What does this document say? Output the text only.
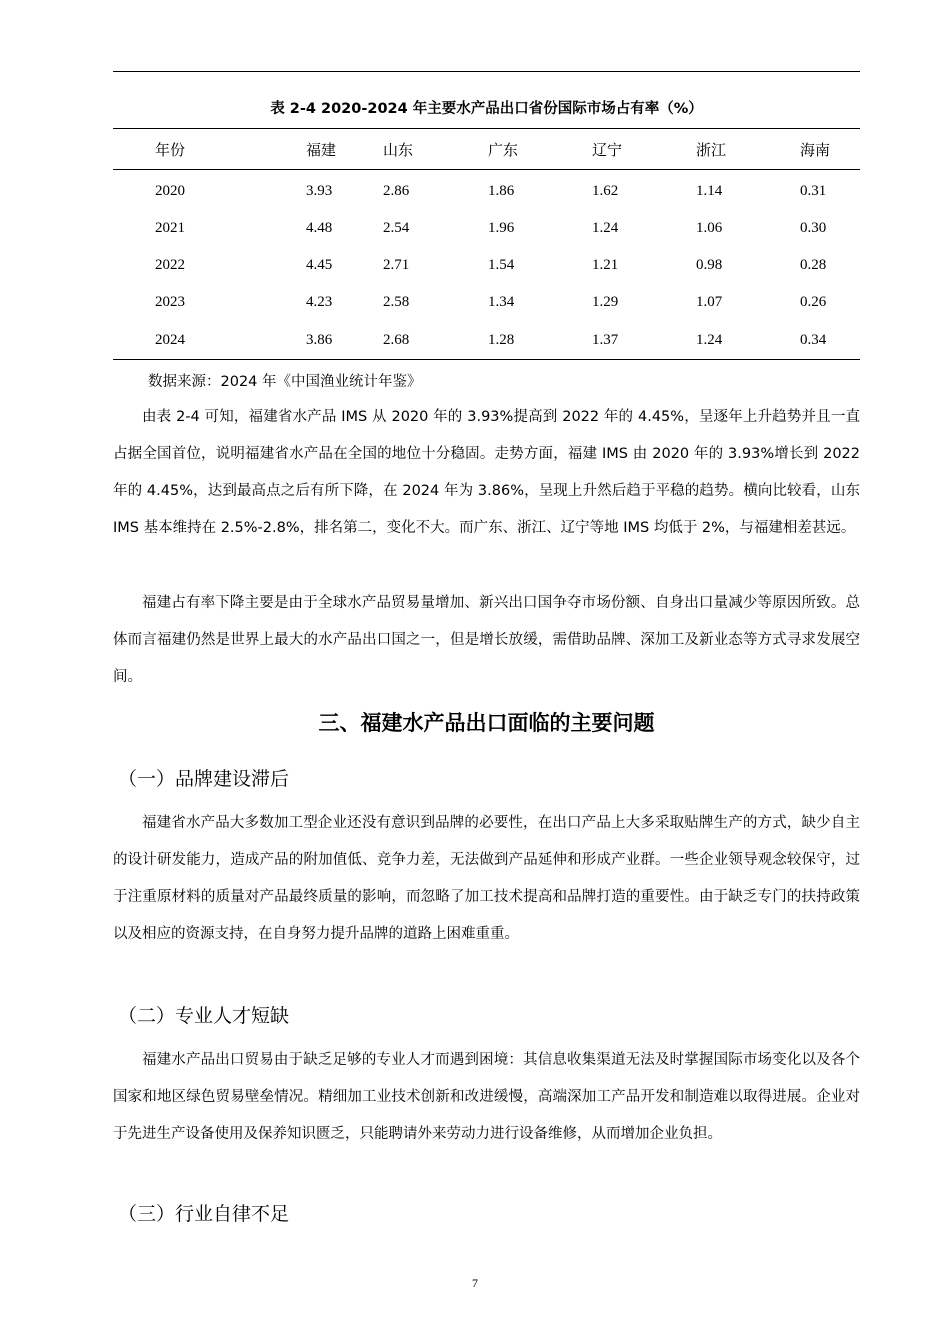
表 2-4 2020-2024 年主要水产品出口省份国际市场占有率（%）
年份	福建	山东	广东	辽宁	浙江	海南
2020	3.93	2.86	1.86	1.62	1.14	0.31
2021	4.48	2.54	1.96	1.24	1.06	0.30
2022	4.45	2.71	1.54	1.21	0.98	0.28
2023	4.23	2.58	1.34	1.29	1.07	0.26
2024	3.86	2.68	1.28	1.37	1.24	0.34
数据来源：2024 年《中国渔业统计年鉴》

由表 2-4 可知，福建省水产品 IMS 从 2020 年的 3.93%提高到 2022 年的 4.45%，呈逐年上升趋势并且一直占据全国首位，说明福建省水产品在全国的地位十分稳固。走势方面，福建 IMS 由 2020 年的 3.93%增长到 2022 年的 4.45%，达到最高点之后有所下降，在 2024 年为 3.86%，呈现上升然后趋于平稳的趋势。横向比较看，山东 IMS 基本维持在 2.5%-2.8%，排名第二，变化不大。而广东、浙江、辽宁等地 IMS 均低于 2%，与福建相差甚远。

福建占有率下降主要是由于全球水产品贸易量增加、新兴出口国争夺市场份额、自身出口量减少等原因所致。总体而言福建仍然是世界上最大的水产品出口国之一，但是增长放缓，需借助品牌、深加工及新业态等方式寻求发展空间。

三、福建水产品出口面临的主要问题
（一）品牌建设滞后

福建省水产品大多数加工型企业还没有意识到品牌的必要性，在出口产品上大多采取贴牌生产的方式，缺少自主的设计研发能力，造成产品的附加值低、竞争力差，无法做到产品延伸和形成产业群。一些企业领导观念较保守，过于注重原材料的质量对产品最终质量的影响，而忽略了加工技术提高和品牌打造的重要性。由于缺乏专门的扶持政策以及相应的资源支持，在自身努力提升品牌的道路上困难重重。

（二）专业人才短缺

福建水产品出口贸易由于缺乏足够的专业人才而遇到困境：其信息收集渠道无法及时掌握国际市场变化以及各个国家和地区绿色贸易壁垒情况。精细加工业技术创新和改进缓慢，高端深加工产品开发和制造难以取得进展。企业对于先进生产设备使用及保养知识匮乏，只能聘请外来劳动力进行设备维修，从而增加企业负担。

（三）行业自律不足
7
